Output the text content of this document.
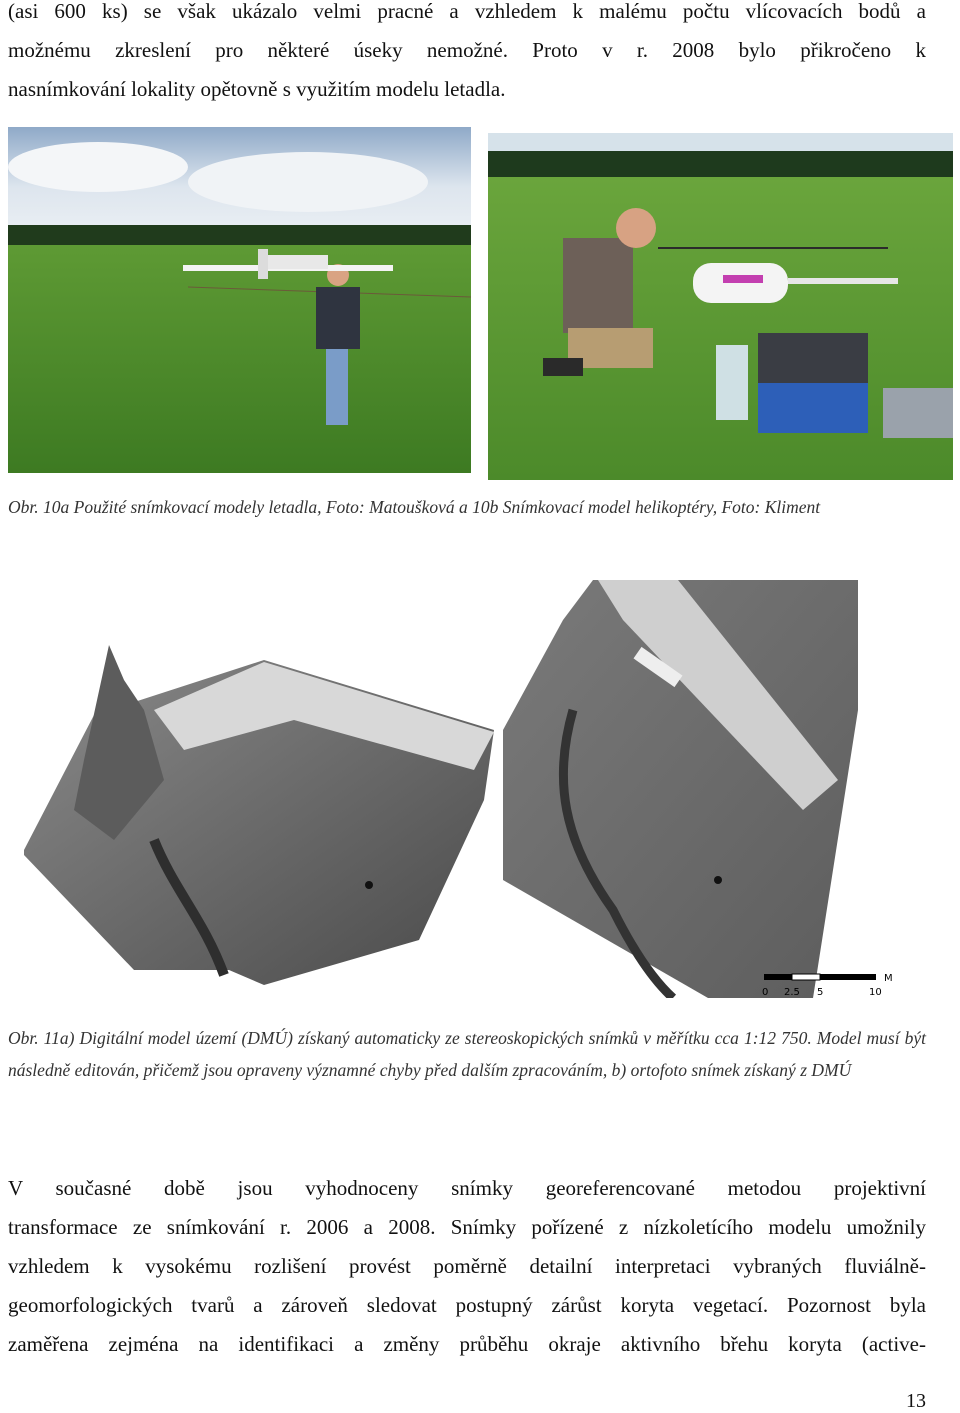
(asi 600 ks) se však ukázalo velmi pracné a vzhledem k malému počtu vlícovacích bodů a
možnému zkreslení pro některé úseky nemožné. Proto v r. 2008 bylo přikročeno k
nasnímkování lokality opětovně s využitím modelu letadla.
Obr. 10a Použité snímkovací modely letadla, Foto: Matoušková a 10b Snímkovací model helikoptéry, Foto: Kliment
M
0 2.5 5	10
Obr. 11a) Digitální model území (DMÚ) získaný automaticky ze stereoskopických snímků v měřítku cca 1:12 750. Model musí být následně editován, přičemž jsou opraveny významné chyby před dalším zpracováním, b) ortofoto snímek získaný z DMÚ
V současné době jsou vyhodnoceny snímky georeferencované metodou projektivní
transformace ze snímkování r. 2006 a 2008. Snímky pořízené z nízkoletícího modelu umožnily
vzhledem k vysokému rozlišení provést poměrně detailní interpretaci vybraných fluviálně-
geomorfologických tvarů a zároveň sledovat postupný zárůst koryta vegetací. Pozornost byla
zaměřena zejména na identifikaci a změny průběhu okraje aktivního břehu koryta (active-
13
